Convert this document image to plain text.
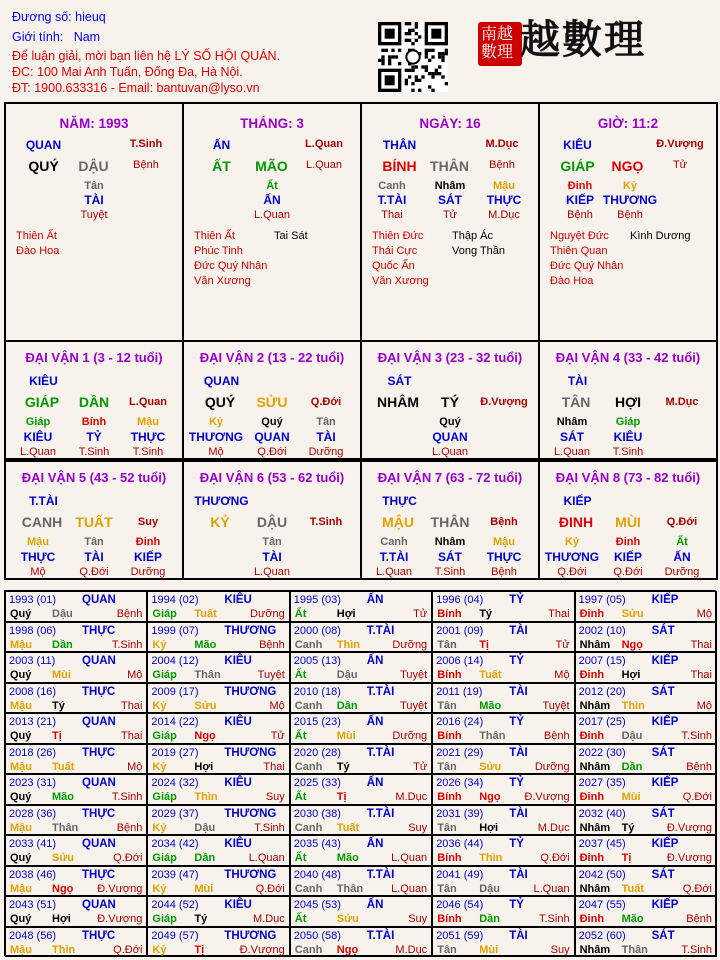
Đương số: hieuq
Giới tính: Nam
Để luận giải, mời bạn liên hệ LÝ SỐ HỘI QUÁN.
ĐC: 100 Mai Anh Tuấn, Đống Đa, Hà Nội.
ĐT: 1900.633316 - Email: bantuvan@lyso.vn
南越數理 越數理
NĂM: 1993
QUAN	T.Sinh
QUÝ	DẬU	Bệnh
Tân
TÀI
Tuyệt
Thiên Ất
Đào Hoa
THÁNG: 3
ẤN	L.Quan
ẤT	MÃO	L.Quan
Ất
ẤN
L.Quan
Thiên Ất
Phúc Tinh
Đức Quý Nhân
Văn Xương
Tai Sát
NGÀY: 16
THÂN	M.Dục
BÍNH THÂN	Bệnh
Canh
T.TÀI
Thai
Nhâm
SÁT
Tử
Mậu
THỰC
M.Dục
Thiên Đức
Thái Cực
Quốc Ấn
Văn Xương
Thập Ác
Vong Thần
GIỜ: 11:2
KIÊU	Đ.Vượng
GIÁP	NGỌ	Tử
Đinh
KIẾP
Bệnh
Kỷ
THƯƠNG
Bệnh
Nguyệt Đức
Thiên Quan
Đức Quý Nhân
Đào Hoa
Kình Dương
ĐẠI VẬN 1 (3 - 12 tuổi)
KIÊU
GIÁP	DẦN	L.Quan
Giáp
KIÊU
L.Quan
Bính
TỶ
T.Sinh
Mậu
THỰC
T.Sinh
ĐẠI VẬN 2 (13 - 22 tuổi)
QUAN
QUÝ	SỬU	Q.Đới
Kỷ
THƯƠNG
Mộ
Quý
QUAN
Q.Đới
Tân
TÀI
Dưỡng
ĐẠI VẬN 3 (23 - 32 tuổi)
SÁT
NHÂM	TÝ	Đ.Vượng
Quý
QUAN
L.Quan
ĐẠI VẬN 4 (33 - 42 tuổi)
TÀI
TÂN	HỢI	M.Dục
Nhâm
SÁT
L.Quan
Giáp
KIÊU
T.Sinh
ĐẠI VẬN 5 (43 - 52 tuổi)
T.TÀI
CANH TUẤT	Suy
Mậu
THỰC
Mộ
Tân
TÀI
Q.Đới
Đinh
KIẾP
Dưỡng
ĐẠI VẬN 6 (53 - 62 tuổi)
THƯƠNG
KỶ	DẬU	T.Sinh
Tân
TÀI
L.Quan
ĐẠI VẬN 7 (63 - 72 tuổi)
THỰC
MẬU	THÂN	Bệnh
Canh
T.TÀI
L.Quan
Nhâm
SÁT
T.Sinh
Mậu
THỰC
Bệnh
ĐẠI VẬN 8 (73 - 82 tuổi)
KIẾP
ĐINH	MÙI	Q.Đới
Kỷ
THƯƠNG
Q.Đới
Đinh
KIẾP
Q.Đới
Ất
ẤN
Dưỡng
1993 (01) QUAN
Quý Dậu	Bệnh
1994 (02) KIÊU
Giáp Tuất	Dưỡng
1995 (03) ẤN
Ất	Hợi	Tử
1996 (04) TỶ
Bính Tý	Thai
1997 (05) KIẾP
Đinh Sửu	Mộ
1998 (06) THỰC
Mậu Dần	T.Sinh
1999 (07) THƯƠNG
Kỷ	Mão	Bệnh
2000 (08) T.TÀI
Canh Thìn	Dưỡng
2001 (09) TÀI
Tân Tị	Tử
2002 (10) SÁT
Nhâm Ngọ	Thai
2003 (11) QUAN
Quý Mùi	Mộ
2004 (12) KIÊU
Giáp Thân	Tuyệt
2005 (13) ẤN
Ất	Dậu	Tuyệt
2006 (14) TỶ
Bính Tuất	Mộ
2007 (15) KIẾP
Đinh Hợi	Thai
2008 (16) THỰC
Mậu Tý	Thai
2009 (17) THƯƠNG
Kỷ	Sửu	Mộ
2010 (18) T.TÀI
Canh Dần	Tuyệt
2011 (19) TÀI
Tân Mão	Tuyệt
2012 (20) SÁT
Nhâm Thìn	Mộ
2013 (21) QUAN
Quý Tị	Thai
2014 (22) KIÊU
Giáp Ngọ	Tử
2015 (23) ẤN
Ất	Mùi	Dưỡng
2016 (24) TỶ
Bính Thân	Bệnh
2017 (25) KIẾP
Đinh Dậu	T.Sinh
2018 (26) THỰC
Mậu Tuất	Mộ
2019 (27) THƯƠNG
Kỷ	Hợi	Thai
2020 (28) T.TÀI
Canh Tý	Tử
2021 (29) TÀI
Tân Sửu	Dưỡng
2022 (30) SÁT
Nhâm Dần	Bệnh
2023 (31) QUAN
Quý Mão	T.Sinh
2024 (32) KIÊU
Giáp Thìn	Suy
2025 (33) ẤN
Ất	Tị	M.Dục
2026 (34) TỶ
Bính Ngọ Đ.Vượng
2027 (35) KIẾP
Đinh Mùi	Q.Đới
2028 (36) THỰC
Mậu Thân	Bệnh
2029 (37) THƯƠNG
Kỷ	Dậu	T.Sinh
2030 (38) T.TÀI
Canh Tuất	Suy
2031 (39) TÀI
Tân Hợi	M.Dục
2032 (40) SÁT
Nhâm Tý	Đ.Vượng
2033 (41) QUAN
Quý Sửu	Q.Đới
2034 (42) KIÊU
Giáp Dần	L.Quan
2035 (43) ẤN
Ất	Mão	L.Quan
2036 (44) TỶ
Bính Thìn	Q.Đới
2037 (45) KIẾP
Đinh Tị	Đ.Vượng
2038 (46) THỰC
Mậu Ngọ Đ.Vượng
2039 (47) THƯƠNG
Kỷ	Mùi	Q.Đới
2040 (48) T.TÀI
Canh Thân	L.Quan
2041 (49) TÀI
Tân Dậu	L.Quan
2042 (50) SÁT
Nhâm Tuất	Q.Đới
2043 (51) QUAN
Quý Hợi Đ.Vượng
2044 (52) KIÊU
Giáp Tý	M.Dục
2045 (53) ẤN
Ất	Sửu	Suy
2046 (54) TỶ
Bính Dần	T.Sinh
2047 (55) KIẾP
Đinh Mão	Bệnh
2048 (56) THỰC
Mậu Thìn	Q.Đới
2049 (57) THƯƠNG
Kỷ	Tị	Đ.Vượng
2050 (58) T.TÀI
Canh Ngọ	M.Dục
2051 (59) TÀI
Tân Mùi	Suy
2052 (60) SÁT
Nhâm Thân	T.Sinh
